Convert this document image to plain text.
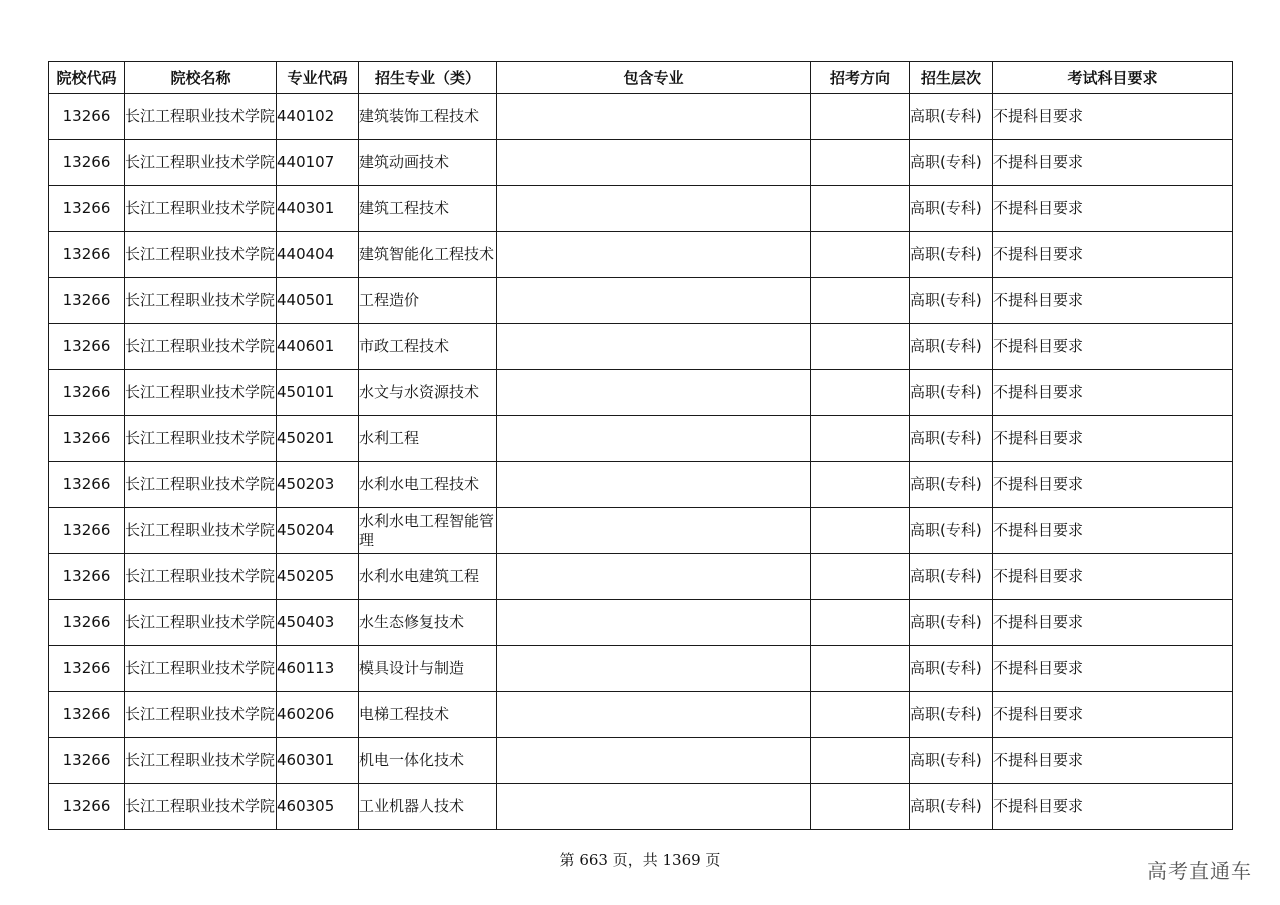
院校代码	院校名称	专业代码	招生专业（类）	包含专业	招考方向	招生层次	考试科目要求
13266	长江工程职业技术学院	440102	建筑装饰工程技术			高职(专科)	不提科目要求
13266	长江工程职业技术学院	440107	建筑动画技术			高职(专科)	不提科目要求
13266	长江工程职业技术学院	440301	建筑工程技术			高职(专科)	不提科目要求
13266	长江工程职业技术学院	440404	建筑智能化工程技术			高职(专科)	不提科目要求
13266	长江工程职业技术学院	440501	工程造价			高职(专科)	不提科目要求
13266	长江工程职业技术学院	440601	市政工程技术			高职(专科)	不提科目要求
13266	长江工程职业技术学院	450101	水文与水资源技术			高职(专科)	不提科目要求
13266	长江工程职业技术学院	450201	水利工程			高职(专科)	不提科目要求
13266	长江工程职业技术学院	450203	水利水电工程技术			高职(专科)	不提科目要求
13266	长江工程职业技术学院	450204	水利水电工程智能管理			高职(专科)	不提科目要求
13266	长江工程职业技术学院	450205	水利水电建筑工程			高职(专科)	不提科目要求
13266	长江工程职业技术学院	450403	水生态修复技术			高职(专科)	不提科目要求
13266	长江工程职业技术学院	460113	模具设计与制造			高职(专科)	不提科目要求
13266	长江工程职业技术学院	460206	电梯工程技术			高职(专科)	不提科目要求
13266	长江工程职业技术学院	460301	机电一体化技术			高职(专科)	不提科目要求
13266	长江工程职业技术学院	460305	工业机器人技术			高职(专科)	不提科目要求
第 663 页，共 1369 页	高考直通车
